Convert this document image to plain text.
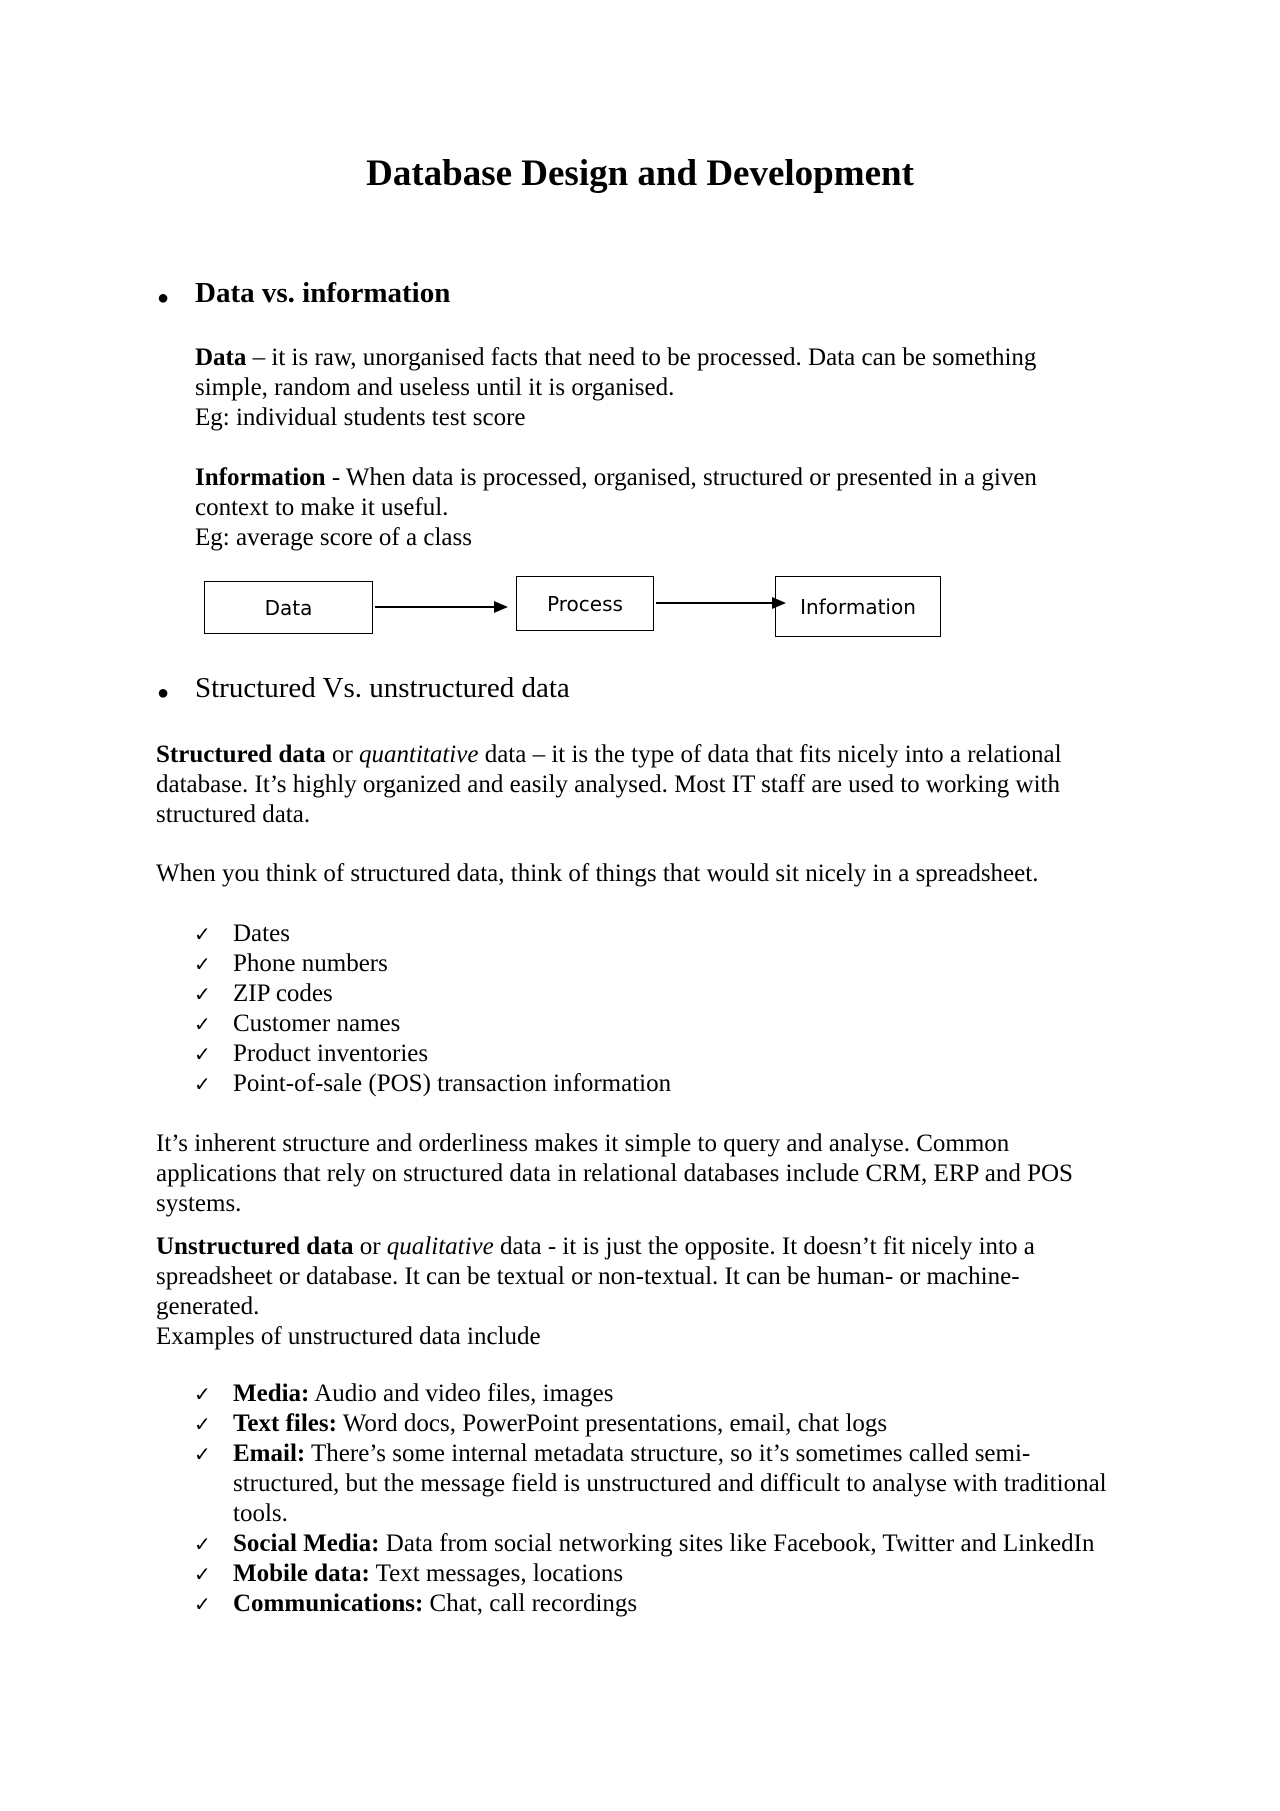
Database Design and Development
● Data vs. information

Data – it is raw, unorganised facts that need to be processed. Data can be something simple, random and useless until it is organised.

Eg: individual students test score

Information - When data is processed, organised, structured or presented in a given context to make it useful.

Eg: average score of a class

Data	Process	Information
● Structured Vs. unstructured data

Structured data or quantitative data – it is the type of data that fits nicely into a relational database. It’s highly organized and easily analysed. Most IT staff are used to working with structured data.

When you think of structured data, think of things that would sit nicely in a spreadsheet.
✓ Dates
✓ Phone numbers
✓ ZIP codes
✓ Customer names
✓ Product inventories
✓ Point-of-sale (POS) transaction information
It’s inherent structure and orderliness makes it simple to query and analyse. Common applications that rely on structured data in relational databases include CRM, ERP and POS systems.

Unstructured data or qualitative data - it is just the opposite. It doesn’t fit nicely into a spreadsheet or database. It can be textual or non-textual. It can be human- or machine-generated.

Examples of unstructured data include

✓ Media: Audio and video files, images
✓ Text files: Word docs, PowerPoint presentations, email, chat logs
✓ Email: There’s some internal metadata structure, so it’s sometimes called semi-structured, but the message field is unstructured and difficult to analyse with traditional tools.
✓ Social Media: Data from social networking sites like Facebook, Twitter and LinkedIn
✓ Mobile data: Text messages, locations
✓ Communications: Chat, call recordings
